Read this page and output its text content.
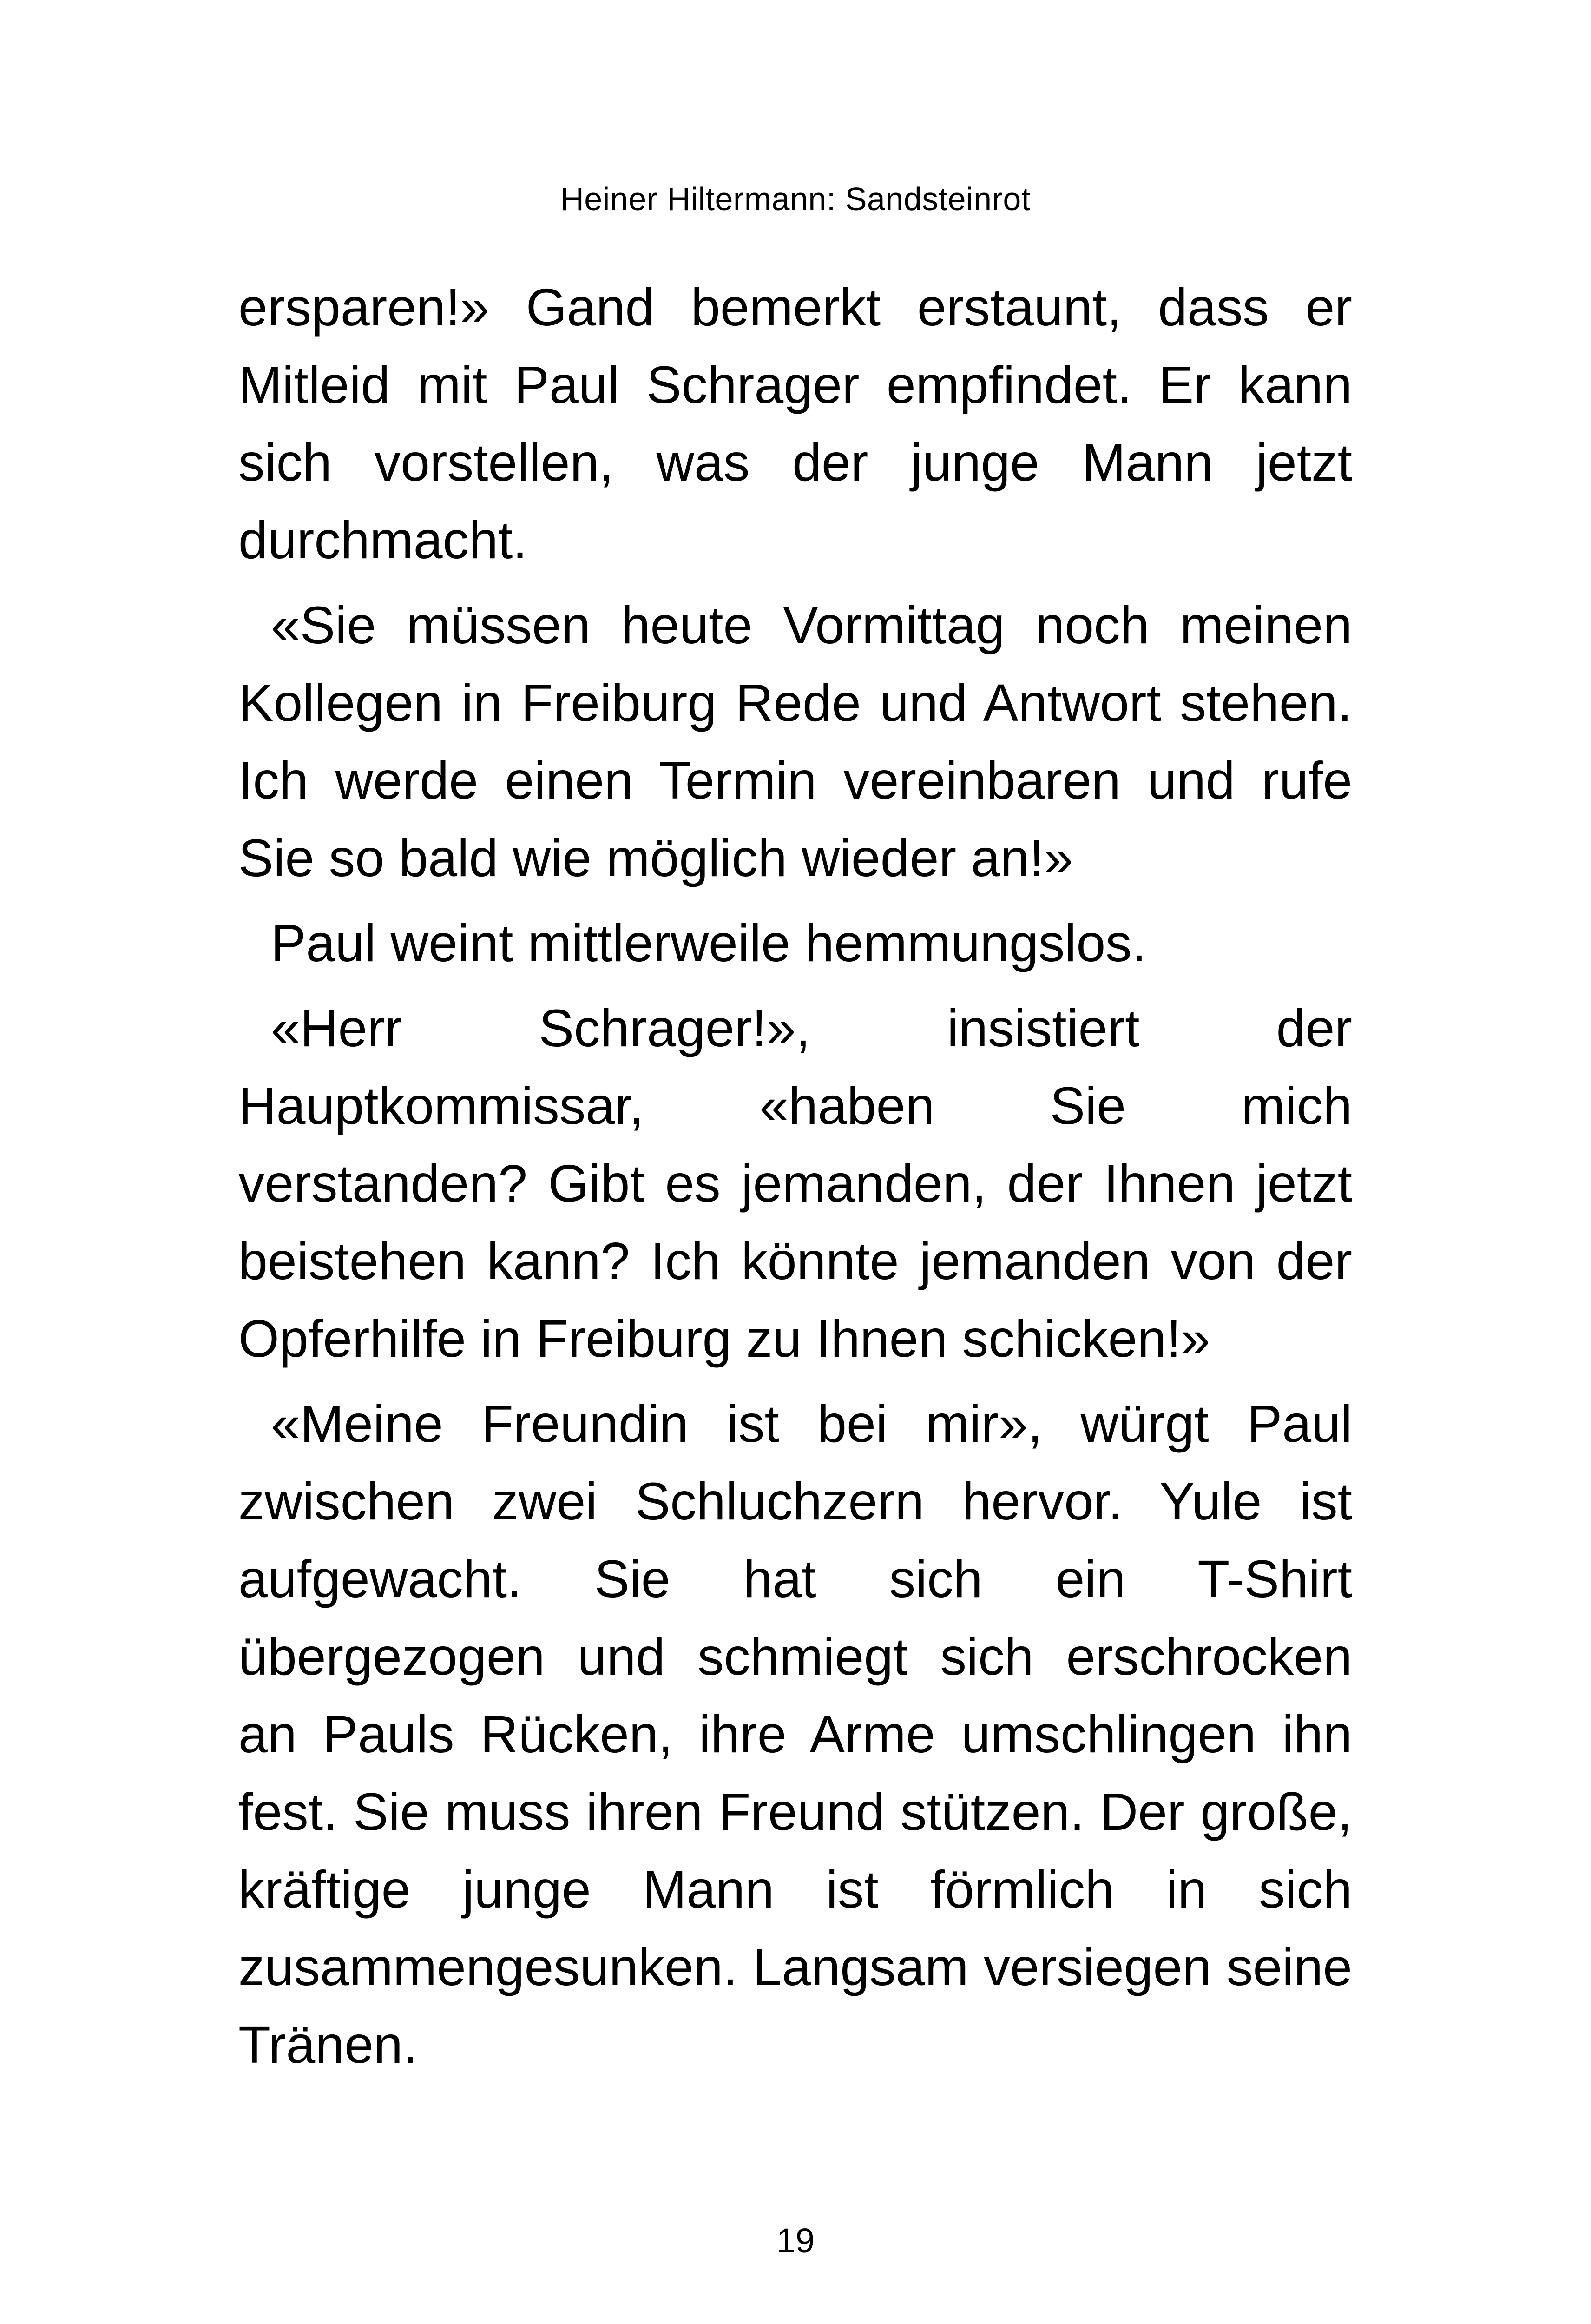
Heiner Hiltermann: Sandsteinrot

ersparen!» Gand bemerkt erstaunt, dass er Mitleid mit Paul Schrager empfindet. Er kann sich vorstellen, was der junge Mann jetzt durchmacht.

«Sie müssen heute Vormittag noch meinen Kollegen in Freiburg Rede und Antwort stehen. Ich werde einen Termin vereinbaren und rufe Sie so bald wie möglich wieder an!»

Paul weint mittlerweile hemmungslos.

«Herr Schrager!», insistiert der Hauptkommissar, «haben Sie mich verstanden? Gibt es jemanden, der Ihnen jetzt beistehen kann? Ich könnte jemanden von der Opferhilfe in Freiburg zu Ihnen schicken!»

«Meine Freundin ist bei mir», würgt Paul zwischen zwei Schluchzern hervor. Yule ist aufgewacht. Sie hat sich ein T-Shirt übergezogen und schmiegt sich erschrocken an Pauls Rücken, ihre Arme umschlingen ihn fest. Sie muss ihren Freund stützen. Der große, kräftige junge Mann ist förmlich in sich zusammengesunken. Langsam versiegen seine Tränen.

19
